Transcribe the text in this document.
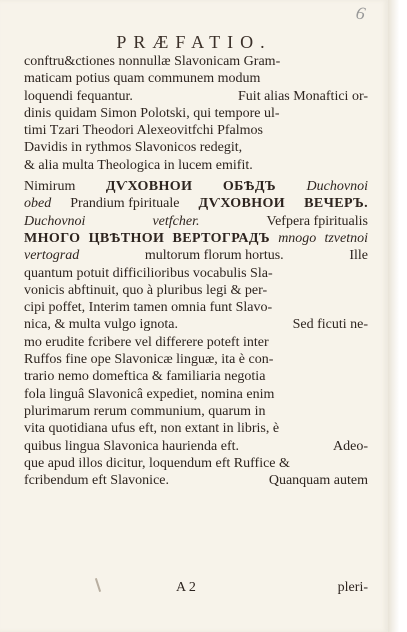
6
PRÆFATIO.
conftru&ctiones nonnullæ Slavonicam Gram-
maticam potius quam communem modum
loquendi fequantur.	Fuit alias Monaftici or-
dinis quidam Simon Polotski, qui tempore ul-
timi Tzari Theodori Alexeovitfchi Pfalmos
Davidis in rythmos Slavonicos redegit,
& alia multa Theologica in lucem emifit.
Nimirum ДѴХОВНОИ ОБѢДЪ Duchovnoi
obed Prandium fpirituale ДѴХОВНОИ ВЕЧЕРЪ.
Duchovnoi	vetfcher.	Vefpera fpiritualis
МНОГО ЦВѢТНОИ ВЕРТОГРАДЪ mnogo tzvetnoi
vertograd	multorum florum hortus.	Ille
quantum potuit difficilioribus vocabulis Sla-
vonicis abftinuit, quo à pluribus legi & per-
cipi poffet, Interim tamen omnia funt Slavo-
nica, & multa vulgo ignota.	Sed ficuti ne-
mo erudite fcribere vel differere poteft inter
Ruffos fine ope Slavonicæ linguæ, ita è con-
trario nemo domeftica & familiaria negotia
fola linguâ Slavonicâ expediet, nomina enim
plurimarum rerum communium, quarum in
vita quotidiana ufus eft, non extant in libris, è
quibus lingua Slavonica haurienda eft.	Adeo-
que apud illos dicitur, loquendum eft Ruffice &
fcribendum eft Slavonice.	Quanquam autem
A 2	pleri-
